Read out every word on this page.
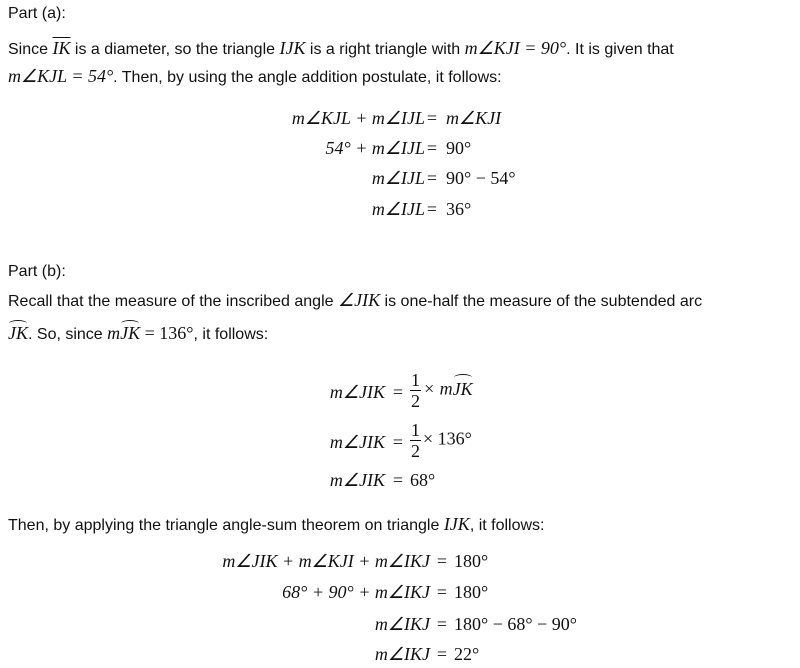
Part (a):
Since $\overline{IK}$ is a diameter, so the triangle IJK is a right triangle with m∠KJI = 90°. It is given that
m∠KJL = 54°. Then, by using the angle addition postulate, it follows:
m∠KJL + m∠IJL = m∠KJI
54° + m∠IJL = 90°
m∠IJL = 90° − 54°
m∠IJL = 36°
Part (b):
Recall that the measure of the inscribed angle ∠JIK is one-half the measure of the subtended arc
JK. So, since mJK = 136°, it follows:
m∠JIK = $\frac{1}{2}$ × mJK
m∠JIK = $\frac{1}{2} \times 136^\circ$
m∠JIK = 68°
Then, by applying the triangle angle-sum theorem on triangle IJK, it follows:
m∠JIK + m∠KJI + m∠IKJ = 180°
68° + 90° + m∠IKJ = 180°
m∠IKJ = 180° − 68° − 90°
m∠IKJ = 22°
